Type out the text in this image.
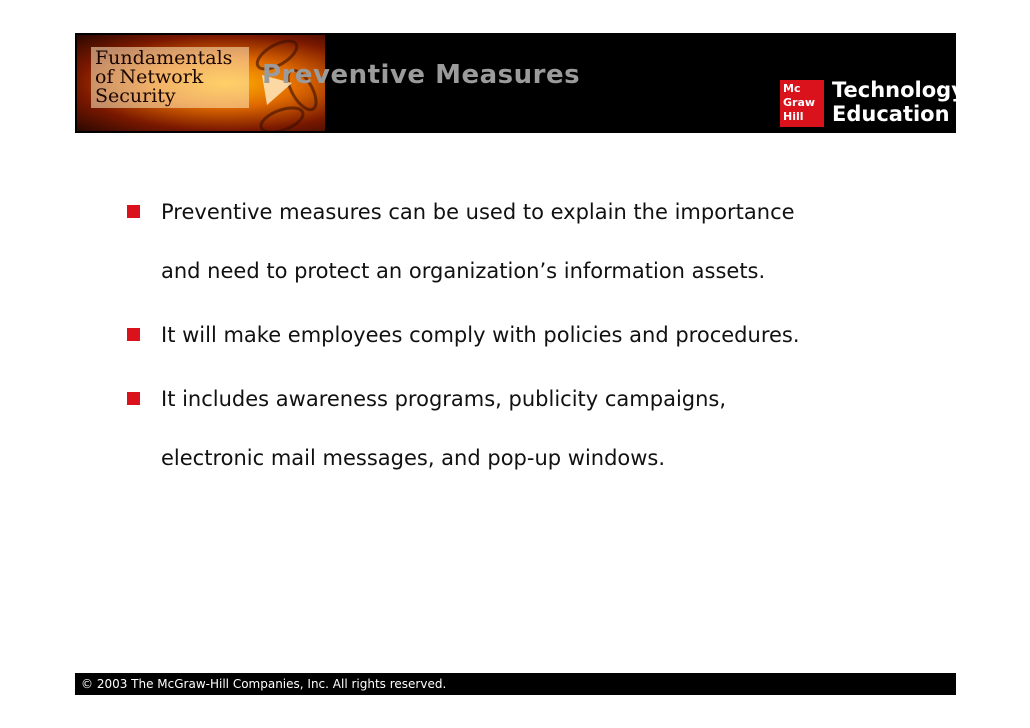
Fundamentals
of Network
Security
Preventive Measures	Mc
Graw
Hill
Technology
Education
Preventive measures can be used to explain the importance
and need to protect an organization’s information assets.
It will make employees comply with policies and procedures.
It includes awareness programs, publicity campaigns,
electronic mail messages, and pop-up windows.
© 2003 The McGraw-Hill Companies, Inc. All rights reserved.
